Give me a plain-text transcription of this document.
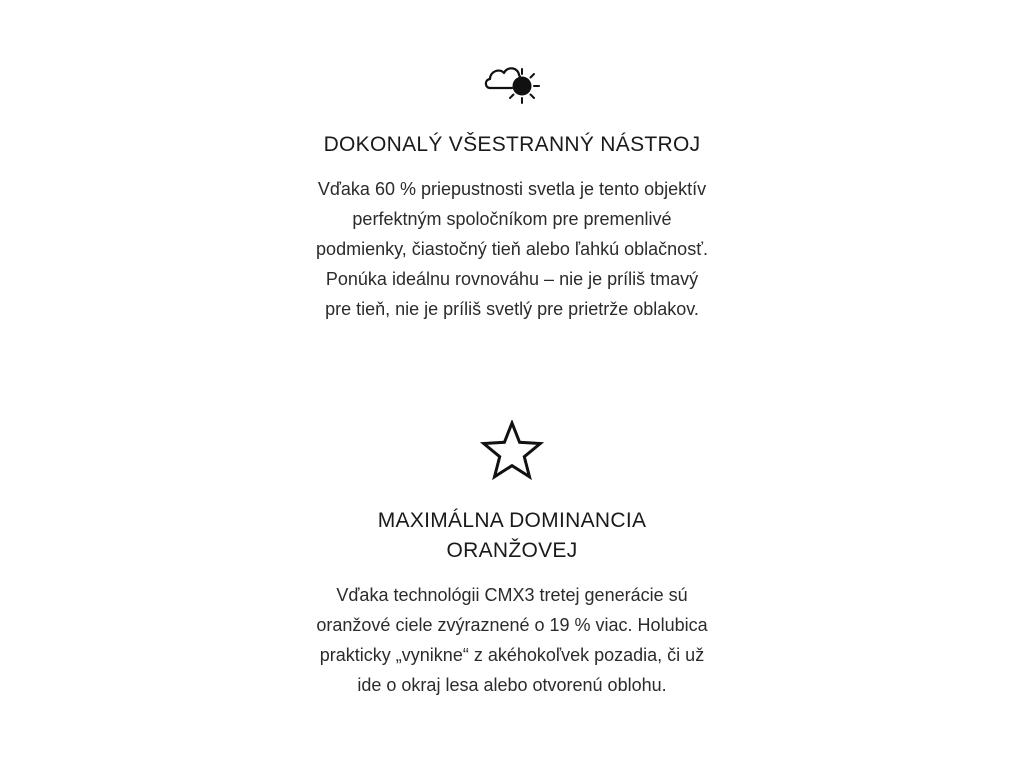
DOKONALÝ VŠESTRANNÝ NÁSTROJ

Vďaka 60 % priepustnosti svetla je tento objektív perfektným spoločníkom pre premenlivé podmienky, čiastočný tieň alebo ľahkú oblačnosť. Ponúka ideálnu rovnováhu – nie je príliš tmavý pre tieň, nie je príliš svetlý pre prietrže oblakov.

MAXIMÁLNA DOMINANCIA ORANŽOVEJ

Vďaka technológii CMX3 tretej generácie sú oranžové ciele zvýraznené o 19 % viac. Holubica prakticky „vynikne“ z akéhokoľvek pozadia, či už ide o okraj lesa alebo otvorenú oblohu.
